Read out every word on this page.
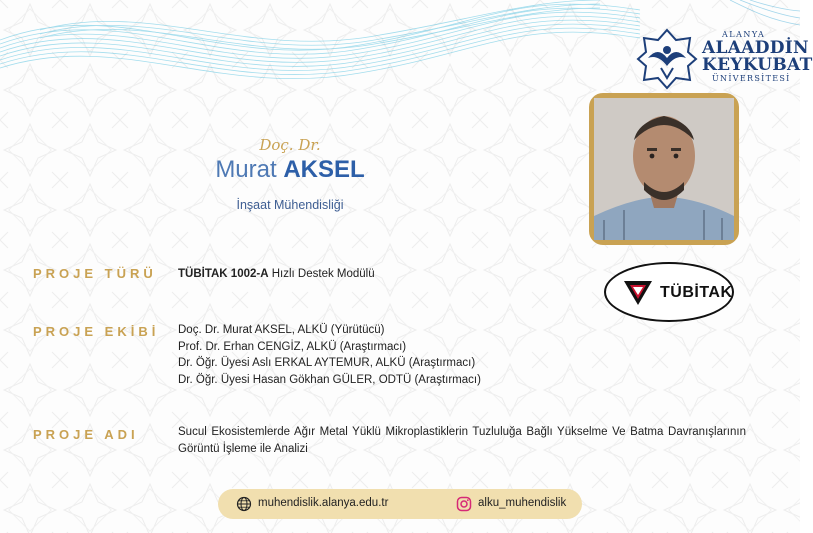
ALANYA
ALAADDİN
KEYKUBAT
ÜNİVERSİTESİ
Doç. Dr.
Murat AKSEL
İnşaat Mühendisliği
TÜBİTAK
PROJE TÜRÜ TÜBİTAK 1002-A Hızlı Destek Modülü
PROJE EKİBİ Doç. Dr. Murat AKSEL, ALKÜ (Yürütücü)
Prof. Dr. Erhan CENGİZ, ALKÜ (Araştırmacı)
Dr. Öğr. Üyesi Aslı ERKAL AYTEMUR, ALKÜ (Araştırmacı)
Dr. Öğr. Üyesi Hasan Gökhan GÜLER, ODTÜ (Araştırmacı)
PROJE ADI	Sucul Ekosistemlerde Ağır Metal Yüklü Mikroplastiklerin Tuzluluğa Bağlı Yükselme Ve Batma Davranışlarının Görüntü İşleme ile Analizi
muhendislik.alanya.edu.tr	alku_muhendislik
